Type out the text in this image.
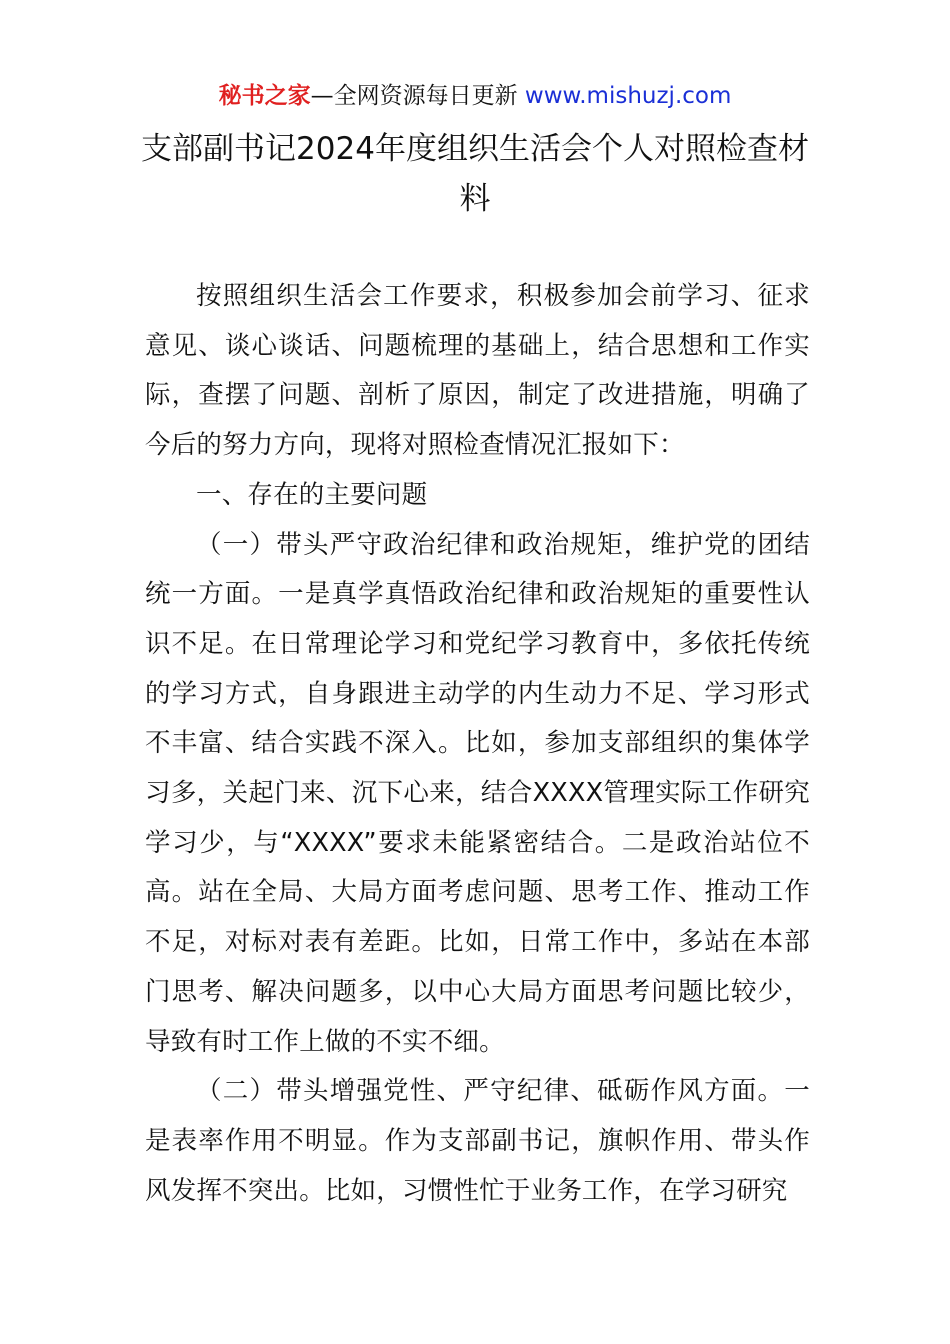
秘书之家—全网资源每日更新 www.mishuzj.com
支部副书记2024年度组织生活会个人对照检查材料

按照组织生活会工作要求，积极参加会前学习、征求意见、谈心谈话、问题梳理的基础上，结合思想和工作实际，查摆了问题、剖析了原因，制定了改进措施，明确了今后的努力方向，现将对照检查情况汇报如下：

一、存在的主要问题

（一）带头严守政治纪律和政治规矩，维护党的团结统一方面。一是真学真悟政治纪律和政治规矩的重要性认识不足。在日常理论学习和党纪学习教育中，多依托传统的学习方式，自身跟进主动学的内生动力不足、学习形式不丰富、结合实践不深入。比如，参加支部组织的集体学习多，关起门来、沉下心来，结合XXXX管理实际工作研究学习少，与“XXXX”要求未能紧密结合。二是政治站位不高。站在全局、大局方面考虑问题、思考工作、推动工作不足，对标对表有差距。比如，日常工作中，多站在本部门思考、解决问题多，以中心大局方面思考问题比较少，导致有时工作上做的不实不细。

（二）带头增强党性、严守纪律、砥砺作风方面。一是表率作用不明显。作为支部副书记，旗帜作用、带头作风发挥不突出。比如，习惯性忙于业务工作，在学习研究
